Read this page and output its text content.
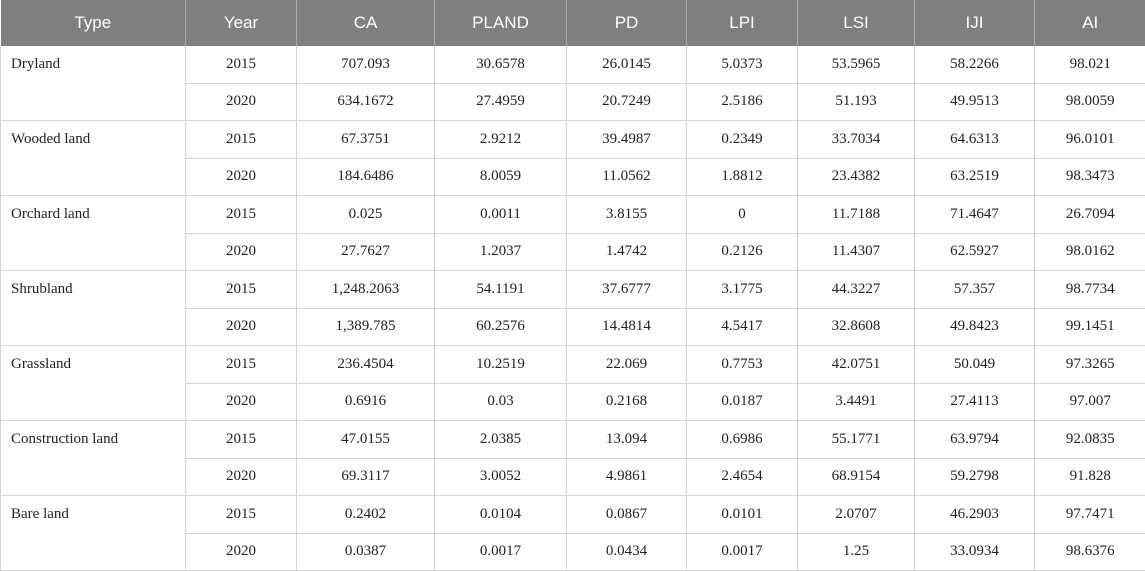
Type	Year	CA	PLAND	PD	LPI	LSI	IJI	AI
Dryland	2015	707.093	30.6578	26.0145	5.0373	53.5965	58.2266	98.021
	2020	634.1672	27.4959	20.7249	2.5186	51.193	49.9513	98.0059
Wooded land	2015	67.3751	2.9212	39.4987	0.2349	33.7034	64.6313	96.0101
	2020	184.6486	8.0059	11.0562	1.8812	23.4382	63.2519	98.3473
Orchard land	2015	0.025	0.0011	3.8155	0	11.7188	71.4647	26.7094
	2020	27.7627	1.2037	1.4742	0.2126	11.4307	62.5927	98.0162
Shrubland	2015	1,248.2063	54.1191	37.6777	3.1775	44.3227	57.357	98.7734
	2020	1,389.785	60.2576	14.4814	4.5417	32.8608	49.8423	99.1451
Grassland	2015	236.4504	10.2519	22.069	0.7753	42.0751	50.049	97.3265
	2020	0.6916	0.03	0.2168	0.0187	3.4491	27.4113	97.007
Construction land	2015	47.0155	2.0385	13.094	0.6986	55.1771	63.9794	92.0835
	2020	69.3117	3.0052	4.9861	2.4654	68.9154	59.2798	91.828
Bare land	2015	0.2402	0.0104	0.0867	0.0101	2.0707	46.2903	97.7471
	2020	0.0387	0.0017	0.0434	0.0017	1.25	33.0934	98.6376
